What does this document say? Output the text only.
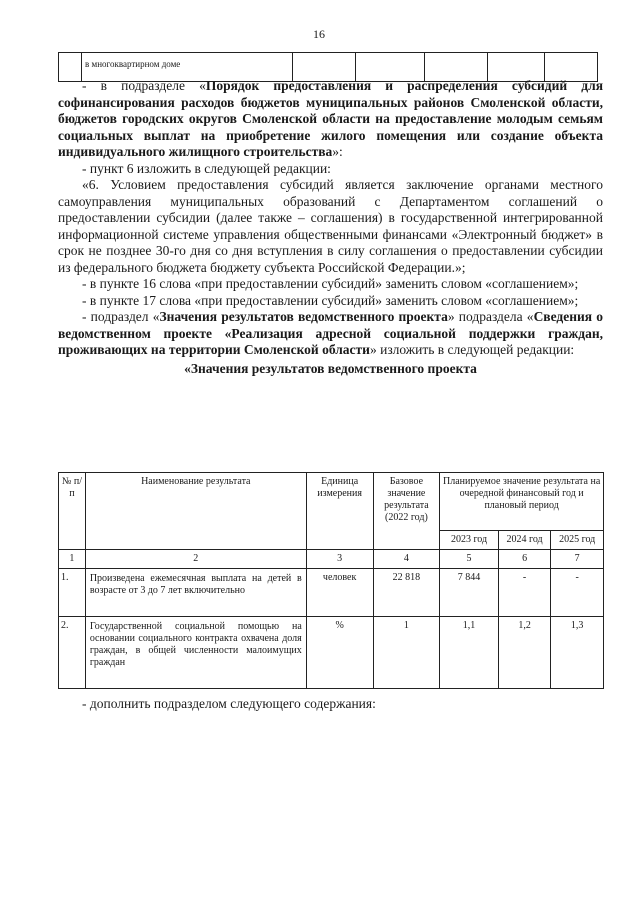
16
	в многоквартирном доме					

- в подразделе «Порядок предоставления и распределения субсидий для софинансирования расходов бюджетов муниципальных районов Смоленской области, бюджетов городских округов Смоленской области на предоставление молодым семьям социальных выплат на приобретение жилого помещения или создание объекта индивидуального жилищного строительства»:

- пункт 6 изложить в следующей редакции:

«6. Условием предоставления субсидий является заключение органами местного самоуправления муниципальных образований с Департаментом соглашений о предоставлении субсидии (далее также – соглашения) в государственной интегрированной информационной системе управления общественными финансами «Электронный бюджет» в срок не позднее 30-го дня со дня вступления в силу соглашения о предоставлении субсидии из федерального бюджета бюджету субъекта Российской Федерации.»;

- в пункте 16 слова «при предоставлении субсидий» заменить словом «соглашением»;

- в пункте 17 слова «при предоставлении субсидий» заменить словом «соглашением»;

- подраздел «Значения результатов ведомственного проекта» подраздела «Сведения о ведомственном проекте «Реализация адресной социальной поддержки граждан, проживающих на территории Смоленской области» изложить в следующей редакции:

«Значения результатов ведомственного проекта

№ п/п	Наименование результата	Единица измерения	Базовое значение результата (2022 год)	Планируемое значение результата на очередной финансовый год и плановый период		
				2023 год	2024 год	2025 год
1	2	3	4	5	6	7
1.	Произведена ежемесячная выплата на детей в возрасте от 3 до 7 лет включительно	человек	22 818	7 844	-	-
2.	Государственной социальной помощью на основании социального контракта охвачена доля граждан, в общей численности малоимущих граждан	%	1	1,1	1,2	1,3

- дополнить подразделом следующего содержания:
